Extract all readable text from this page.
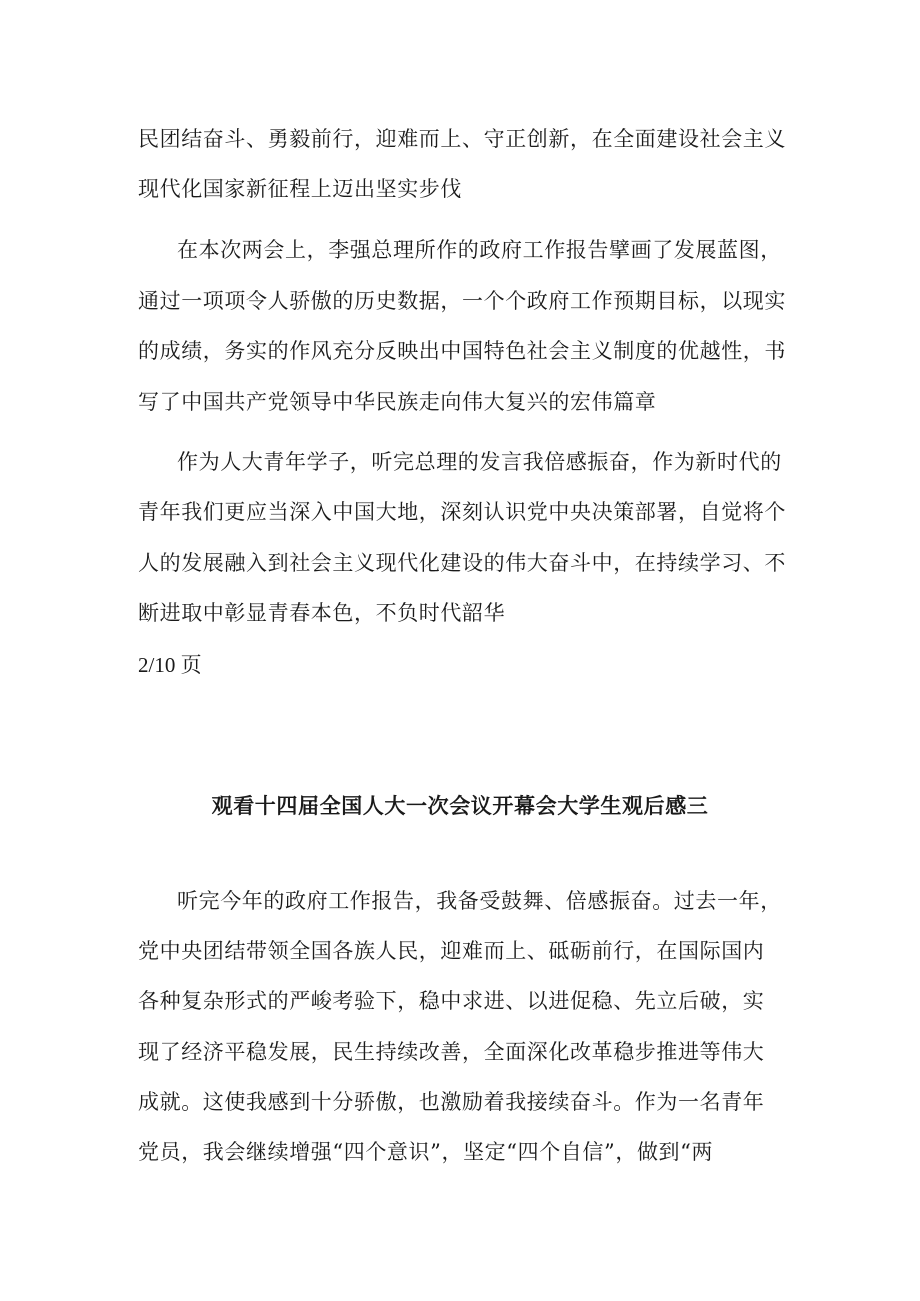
民团结奋斗、勇毅前行，迎难而上、守正创新，在全面建设社会主义

现代化国家新征程上迈出坚实步伐

在本次两会上，李强总理所作的政府工作报告擘画了发展蓝图，

通过一项项令人骄傲的历史数据，一个个政府工作预期目标，以现实

的成绩，务实的作风充分反映出中国特色社会主义制度的优越性，书

写了中国共产党领导中华民族走向伟大复兴的宏伟篇章

作为人大青年学子，听完总理的发言我倍感振奋，作为新时代的

青年我们更应当深入中国大地，深刻认识党中央决策部署，自觉将个

人的发展融入到社会主义现代化建设的伟大奋斗中，在持续学习、不

断进取中彰显青春本色，不负时代韶华

2/10 页

观看十四届全国人大一次会议开幕会大学生观后感三

听完今年的政府工作报告，我备受鼓舞、倍感振奋。过去一年，

党中央团结带领全国各族人民，迎难而上、砥砺前行，在国际国内

各种复杂形式的严峻考验下，稳中求进、以进促稳、先立后破，实

现了经济平稳发展，民生持续改善，全面深化改革稳步推进等伟大

成就。这使我感到十分骄傲，也激励着我接续奋斗。作为一名青年

党员，我会继续增强“四个意识”，坚定“四个自信”，做到“两
